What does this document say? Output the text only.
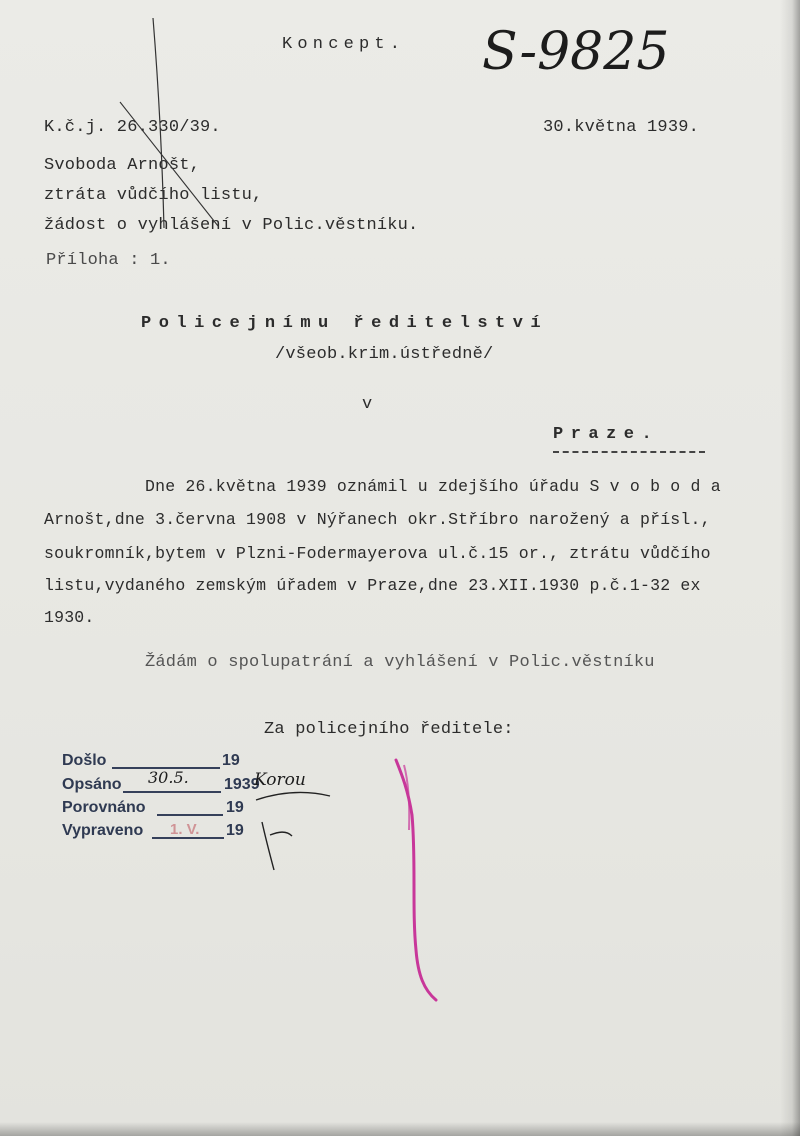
Koncept. S-9825
K.č.j. 26.330/39.	30.května 1939.
Svoboda Arnošt,
ztráta vůdčího listu,
žádost o vyhlášení v Polic.věstníku.
Příloha : 1.
Policejnímu ředitelství
/všeob.krim.ústředně/
v
Praze.
Dne 26.května 1939 oznámil u zdejšího úřadu S v o b o d a
Arnošt,dne 3.června 1908 v Nýřanech okr.Stříbro narožený a přísl.,
soukromník,bytem v Plzni-Fodermayerova ul.č.15 or., ztrátu vůdčího
listu,vydaného zemským úřadem v Praze,dne 23.XII.1930 p.č.1-32 ex
1930.
Žádám o spolupatrání a vyhlášení v Polic.věstníku
Za policejního ředitele:
Došlo	19
Opsáno 30.5. 1939
Korou
Porovnáno	19
Vypraveno 1. V. 19
